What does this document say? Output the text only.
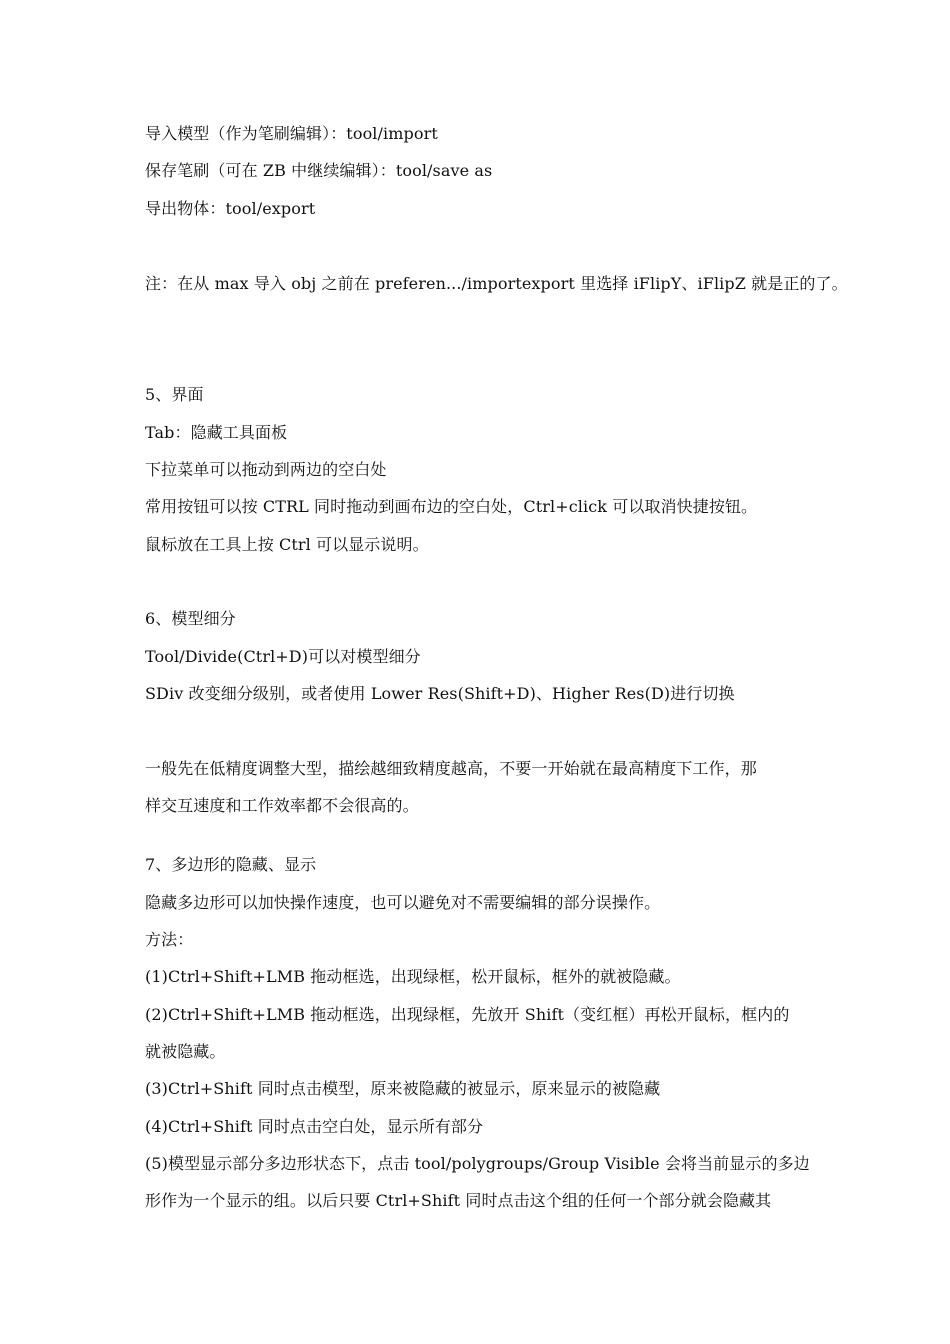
导入模型（作为笔刷编辑）：tool/import
保存笔刷（可在 ZB 中继续编辑）：tool/save as
导出物体：tool/export
注：在从 max 导入 obj 之前在 preferen.../importexport 里选择 iFlipY、iFlipZ 就是正的了。
5、界面
Tab：隐藏工具面板
下拉菜单可以拖动到两边的空白处
常用按钮可以按 CTRL 同时拖动到画布边的空白处，Ctrl+click 可以取消快捷按钮。
鼠标放在工具上按 Ctrl 可以显示说明。
6、模型细分
Tool/Divide(Ctrl+D)可以对模型细分
SDiv 改变细分级别，或者使用 Lower Res(Shift+D)、Higher Res(D)进行切换
一般先在低精度调整大型，描绘越细致精度越高，不要一开始就在最高精度下工作，那
样交互速度和工作效率都不会很高的。
7、多边形的隐藏、显示
隐藏多边形可以加快操作速度，也可以避免对不需要编辑的部分误操作。
方法：
(1)Ctrl+Shift+LMB 拖动框选，出现绿框，松开鼠标，框外的就被隐藏。
(2)Ctrl+Shift+LMB 拖动框选，出现绿框，先放开 Shift（变红框）再松开鼠标，框内的
就被隐藏。
(3)Ctrl+Shift 同时点击模型，原来被隐藏的被显示，原来显示的被隐藏
(4)Ctrl+Shift 同时点击空白处，显示所有部分
(5)模型显示部分多边形状态下，点击 tool/polygroups/Group Visible 会将当前显示的多边
形作为一个显示的组。以后只要 Ctrl+Shift 同时点击这个组的任何一个部分就会隐藏其
